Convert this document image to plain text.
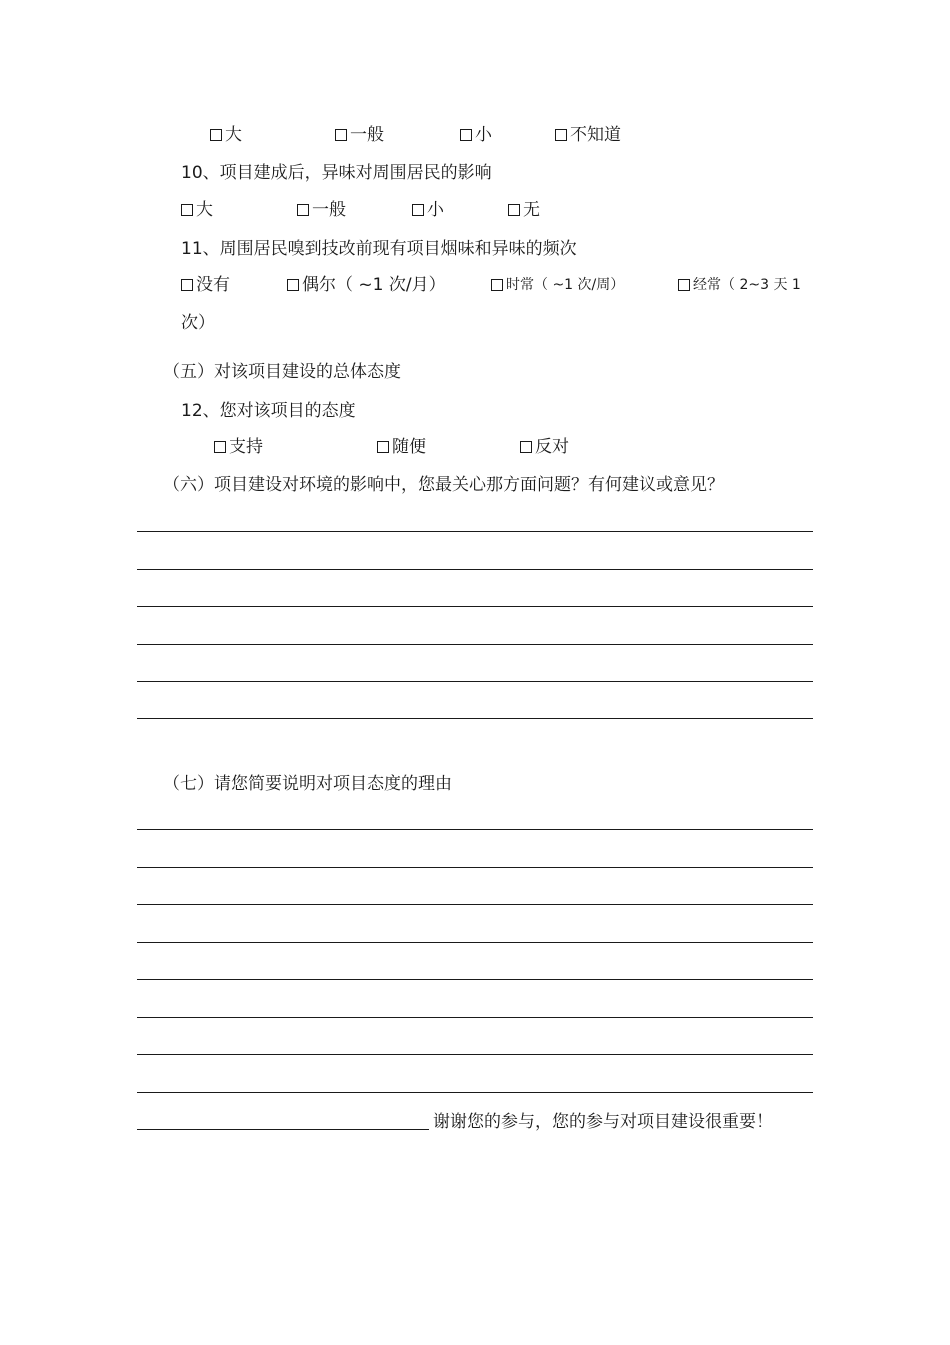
大	一般	小	不知道
10、项目建成后，异味对周围居民的影响
大	一般	小	无
11、周围居民嗅到技改前现有项目烟味和异味的频次
没有	偶尔（ ~1 次/月）	时常（ ~1 次/周）	经常（ 2~3 天 1
次）
（五）对该项目建设的总体态度
12、您对该项目的态度
支持	随便	反对
（六）项目建设对环境的影响中，您最关心那方面问题？有何建议或意见？
（七）请您简要说明对项目态度的理由
谢谢您的参与，您的参与对项目建设很重要！
